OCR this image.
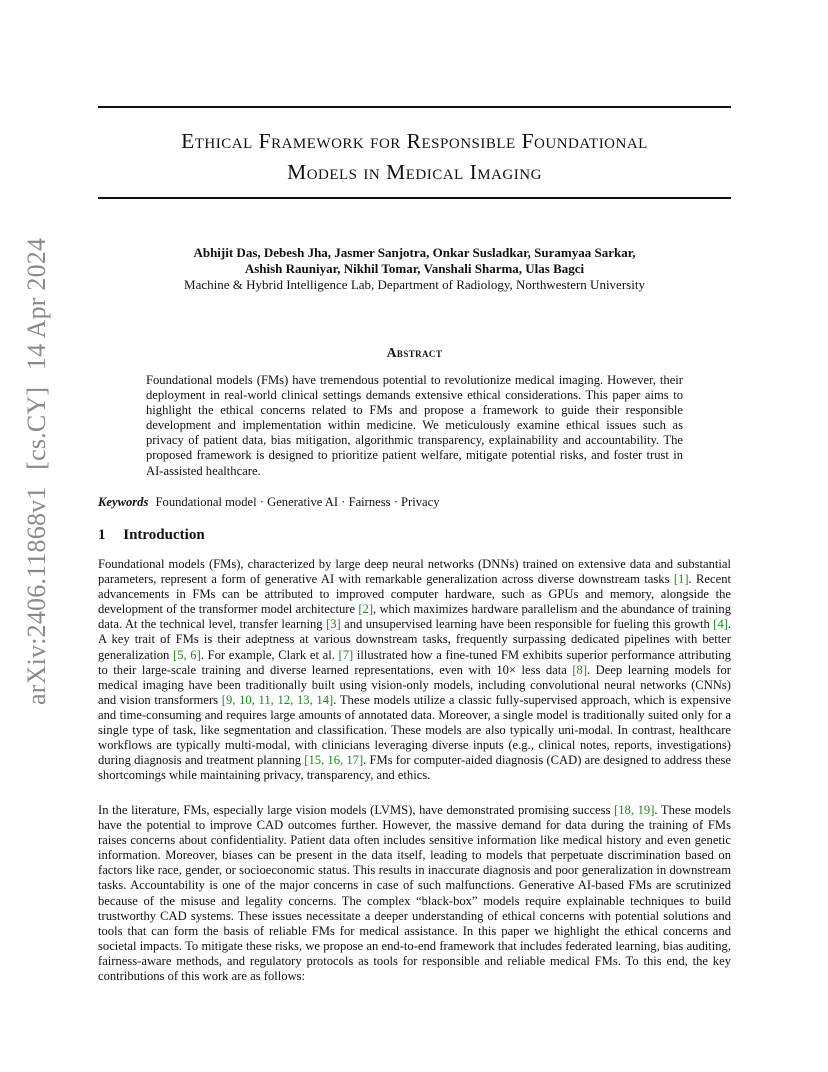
arXiv:2406.11868v1 [cs.CY] 14 Apr 2024
Ethical Framework for Responsible Foundational
Models in Medical Imaging
Abhijit Das, Debesh Jha, Jasmer Sanjotra, Onkar Susladkar, Suramyaa Sarkar,
Ashish Rauniyar, Nikhil Tomar, Vanshali Sharma, Ulas Bagci
Machine & Hybrid Intelligence Lab, Department of Radiology, Northwestern University
Abstract
Foundational models (FMs) have tremendous potential to revolutionize medical imaging. However, their deployment in real-world clinical settings demands extensive ethical considerations. This paper aims to highlight the ethical concerns related to FMs and propose a framework to guide their responsible development and implementation within medicine. We meticulously examine ethical issues such as privacy of patient data, bias mitigation, algorithmic transparency, explainability and accountability. The proposed framework is designed to prioritize patient welfare, mitigate potential risks, and foster trust in AI-assisted healthcare.
Keywords Foundational model · Generative AI · Fairness · Privacy
1 Introduction
Foundational models (FMs), characterized by large deep neural networks (DNNs) trained on extensive data and substantial parameters, represent a form of generative AI with remarkable generalization across diverse downstream tasks [1]. Recent advancements in FMs can be attributed to improved computer hardware, such as GPUs and memory, alongside the development of the transformer model architecture [2], which maximizes hardware parallelism and the abundance of training data. At the technical level, transfer learning [3] and unsupervised learning have been responsible for fueling this growth [4]. A key trait of FMs is their adeptness at various downstream tasks, frequently surpassing dedicated pipelines with better generalization [5, 6]. For example, Clark et al. [7] illustrated how a fine-tuned FM exhibits superior performance attributing to their large-scale training and diverse learned representations, even with 10× less data [8]. Deep learning models for medical imaging have been traditionally built using vision-only models, including convolutional neural networks (CNNs) and vision transformers [9, 10, 11, 12, 13, 14]. These models utilize a classic fully-supervised approach, which is expensive and time-consuming and requires large amounts of annotated data. Moreover, a single model is traditionally suited only for a single type of task, like segmentation and classification. These models are also typically uni-modal. In contrast, healthcare workflows are typically multi-modal, with clinicians leveraging diverse inputs (e.g., clinical notes, reports, investigations) during diagnosis and treatment planning [15, 16, 17]. FMs for computer-aided diagnosis (CAD) are designed to address these shortcomings while maintaining privacy, transparency, and ethics.
In the literature, FMs, especially large vision models (LVMS), have demonstrated promising success [18, 19]. These models have the potential to improve CAD outcomes further. However, the massive demand for data during the training of FMs raises concerns about confidentiality. Patient data often includes sensitive information like medical history and even genetic information. Moreover, biases can be present in the data itself, leading to models that perpetuate discrimination based on factors like race, gender, or socioeconomic status. This results in inaccurate diagnosis and poor generalization in downstream tasks. Accountability is one of the major concerns in case of such malfunctions. Generative AI-based FMs are scrutinized because of the misuse and legality concerns. The complex “black-box” models require explainable techniques to build trustworthy CAD systems. These issues necessitate a deeper understanding of ethical concerns with potential solutions and tools that can form the basis of reliable FMs for medical assistance. In this paper we highlight the ethical concerns and societal impacts. To mitigate these risks, we propose an end-to-end framework that includes federated learning, bias auditing, fairness-aware methods, and regulatory protocols as tools for responsible and reliable medical FMs. To this end, the key contributions of this work are as follows:
